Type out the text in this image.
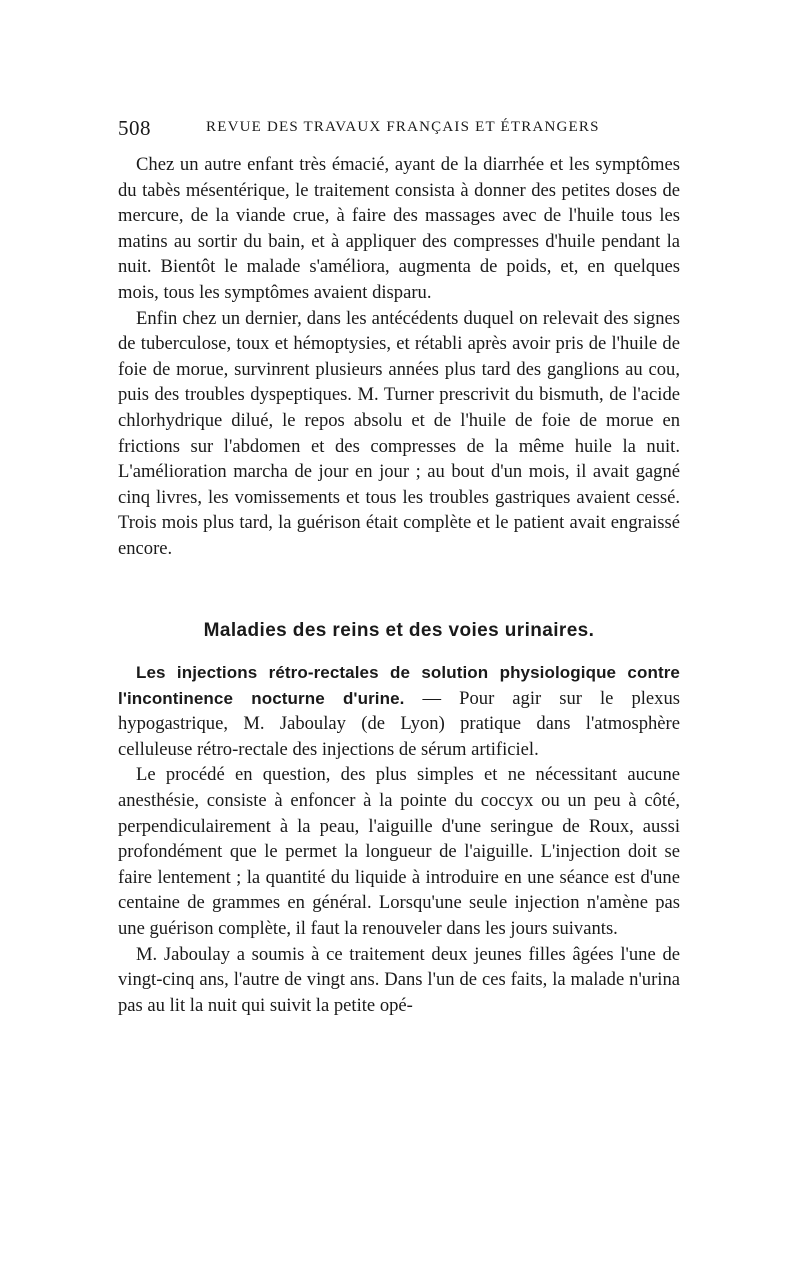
508	REVUE DES TRAVAUX FRANÇAIS ET ÉTRANGERS

Chez un autre enfant très émacié, ayant de la diarrhée et les symptômes du tabès mésentérique, le traitement consista à donner des petites doses de mercure, de la viande crue, à faire des massages avec de l'huile tous les matins au sortir du bain, et à appliquer des compresses d'huile pendant la nuit. Bientôt le malade s'améliora, augmenta de poids, et, en quelques mois, tous les symptômes avaient disparu.

Enfin chez un dernier, dans les antécédents duquel on relevait des signes de tuberculose, toux et hémoptysies, et rétabli après avoir pris de l'huile de foie de morue, survinrent plusieurs années plus tard des ganglions au cou, puis des troubles dyspeptiques. M. Turner prescrivit du bismuth, de l'acide chlorhydrique dilué, le repos absolu et de l'huile de foie de morue en frictions sur l'abdomen et des compresses de la même huile la nuit. L'amélioration marcha de jour en jour ; au bout d'un mois, il avait gagné cinq livres, les vomissements et tous les troubles gastriques avaient cessé. Trois mois plus tard, la guérison était complète et le patient avait engraissé encore.

Maladies des reins et des voies urinaires.

Les injections rétro-rectales de solution physiologique contre l'incontinence nocturne d'urine. — Pour agir sur le plexus hypogastrique, M. Jaboulay (de Lyon) pratique dans l'atmosphère celluleuse rétro-rectale des injections de sérum artificiel.

Le procédé en question, des plus simples et ne nécessitant aucune anesthésie, consiste à enfoncer à la pointe du coccyx ou un peu à côté, perpendiculairement à la peau, l'aiguille d'une seringue de Roux, aussi profondément que le permet la longueur de l'aiguille. L'injection doit se faire lentement ; la quantité du liquide à introduire en une séance est d'une centaine de grammes en général. Lorsqu'une seule injection n'amène pas une guérison complète, il faut la renouveler dans les jours suivants.

M. Jaboulay a soumis à ce traitement deux jeunes filles âgées l'une de vingt-cinq ans, l'autre de vingt ans. Dans l'un de ces faits, la malade n'urina pas au lit la nuit qui suivit la petite opé-
